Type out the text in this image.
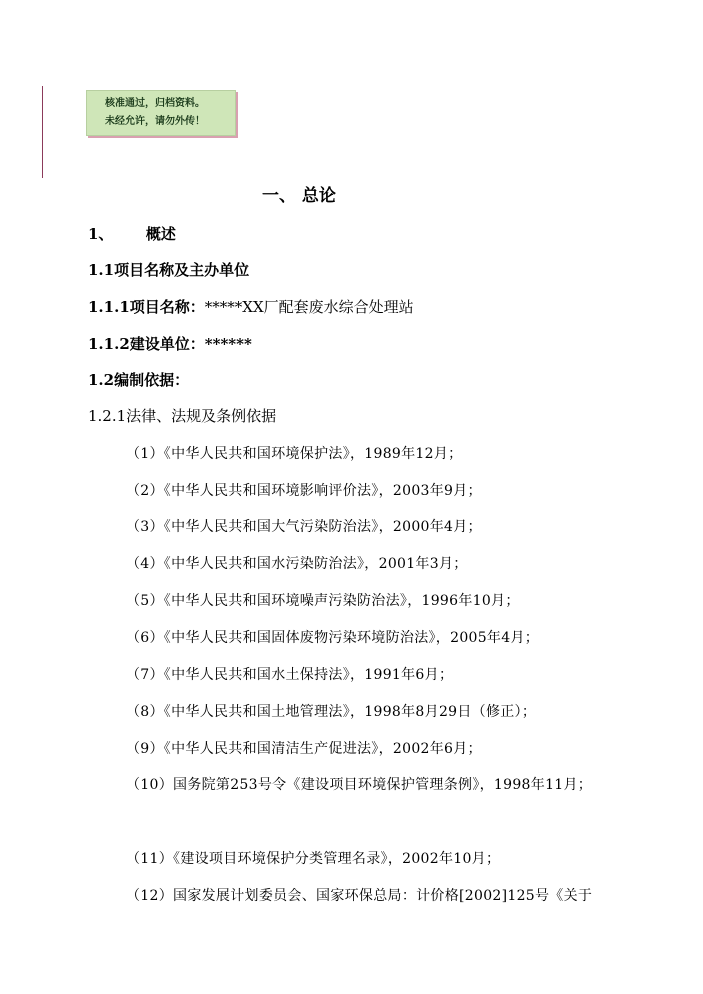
核准通过，归档资料。
未经允许，请勿外传！
一、 总论
1、 概述
1.1项目名称及主办单位
1.1.1项目名称：*****XX厂配套废水综合处理站
1.1.2建设单位：******
1.2编制依据：
1.2.1法律、法规及条例依据
（1）《中华人民共和国环境保护法》，1989年12月；
（2）《中华人民共和国环境影响评价法》，2003年9月；
（3）《中华人民共和国大气污染防治法》，2000年4月；
（4）《中华人民共和国水污染防治法》，2001年3月；
（5）《中华人民共和国环境噪声污染防治法》，1996年10月；
（6）《中华人民共和国固体废物污染环境防治法》，2005年4月；
（7）《中华人民共和国水土保持法》，1991年6月；
（8）《中华人民共和国土地管理法》，1998年8月29日（修正）；
（9）《中华人民共和国清洁生产促进法》，2002年6月；
（10）国务院第253号令《建设项目环境保护管理条例》，1998年11月；
（11）《建设项目环境保护分类管理名录》，2002年10月；
（12）国家发展计划委员会、国家环保总局：计价格[2002]125号《关于
